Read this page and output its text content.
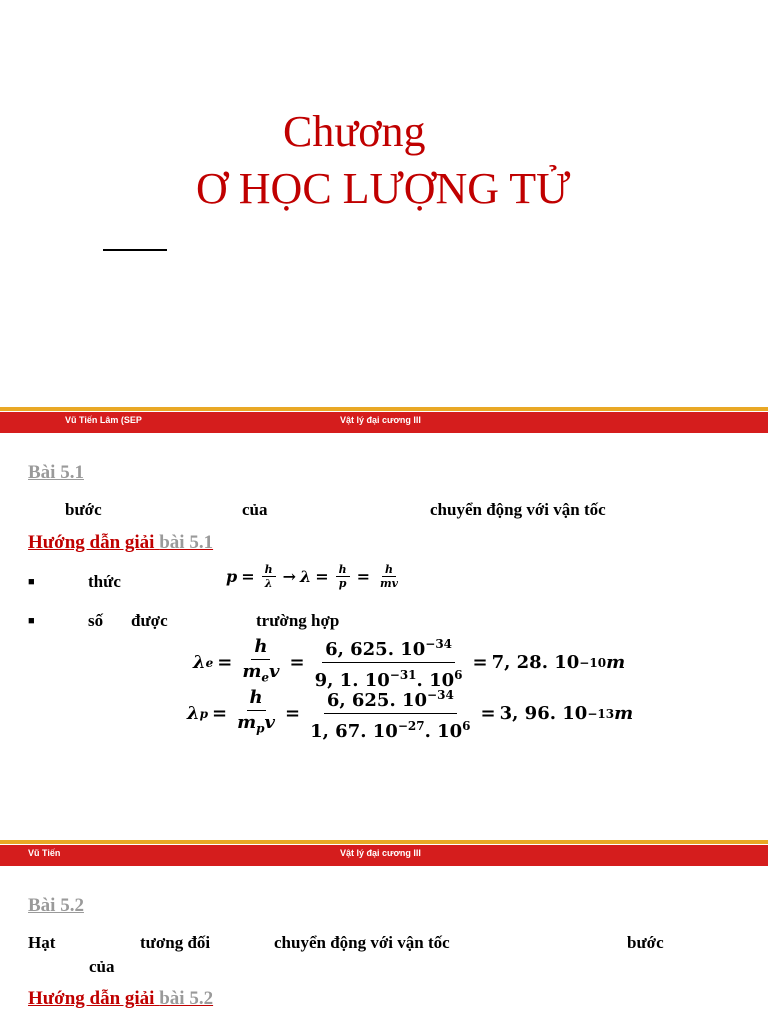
Chương
Ơ HỌC LƯỢNG TỬ
Vũ Tiến Lâm (SEP	Vật lý đại cương III
Bài 5.1
bước	của	chuyển động với vận tốc
Hướng dẫn giải bài 5.1
■	thức	$p = \frac{h}{\lambda} \to \lambda = \frac{h}{p} = \frac{h}{mv}$
■	số được	trường hợp
λ $e = \frac{h}{m_ev} = \frac{6, 625. 10^{-34}}{9, 1. 10^{-31}. 10^6} = 7$, 28. 10 −10 m
λ $p = \frac{h}{m_pv} = \frac{6, 625. 10^{-34}}{1, 67. 10^{-27}. 10^6} = 3$, 96. 10 −13 m
Vũ Tiến	Vật lý đại cương III
Bài 5.2
Hạt	tương đối	chuyển động với vận tốc	bước
của
Hướng dẫn giải bài 5.2
